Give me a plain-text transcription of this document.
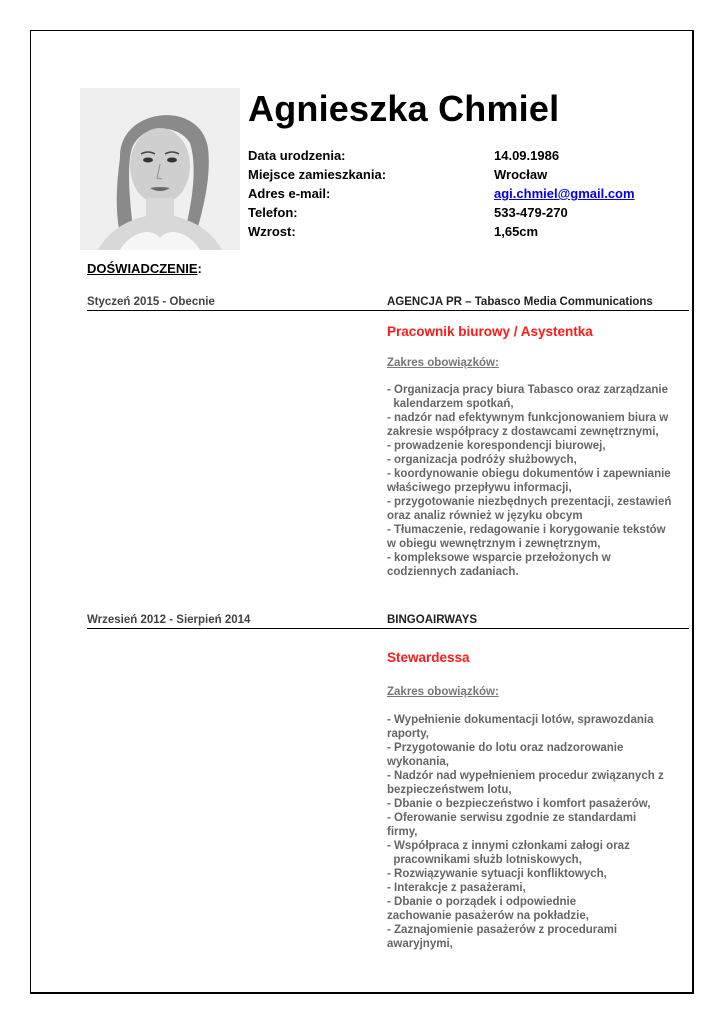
Agnieszka Chmiel
Data urodzenia:	14.09.1986
Miejsce zamieszkania:	Wrocław
Adres e-mail:	agi.chmiel@gmail.com
Telefon:	533-479-270
Wzrost:	1,65cm
DOŚWIADCZENIE:
Styczeń 2015 - Obecnie	AGENCJA PR – Tabasco Media Communications
Pracownik biurowy / Asystentka
Zakres obowiązków:
- Organizacja pracy biura Tabasco oraz zarządzanie
kalendarzem spotkań,
- nadzór nad efektywnym funkcjonowaniem biura w
zakresie współpracy z dostawcami zewnętrznymi,
- prowadzenie korespondencji biurowej,
- organizacja podróży służbowych,
- koordynowanie obiegu dokumentów i zapewnianie
właściwego przepływu informacji,
- przygotowanie niezbędnych prezentacji, zestawień
oraz analiz również w języku obcym
- Tłumaczenie, redagowanie i korygowanie tekstów
w obiegu wewnętrznym i zewnętrznym,
- kompleksowe wsparcie przełożonych w
codziennych zadaniach.
Wrzesień 2012 - Sierpień 2014	BINGOAIRWAYS
Stewardessa
Zakres obowiązków:
- Wypełnienie dokumentacji lotów, sprawozdania
raporty,
- Przygotowanie do lotu oraz nadzorowanie
wykonania,
- Nadzór nad wypełnieniem procedur związanych z
bezpieczeństwem lotu,
- Dbanie o bezpieczeństwo i komfort pasażerów,
- Oferowanie serwisu zgodnie ze standardami
firmy,
- Współpraca z innymi członkami załogi oraz
pracownikami służb lotniskowych,
- Rozwiązywanie sytuacji konfliktowych,
- Interakcje z pasażerami,
- Dbanie o porządek i odpowiednie
zachowanie pasażerów na pokładzie,
- Zaznajomienie pasażerów z procedurami
awaryjnymi,
